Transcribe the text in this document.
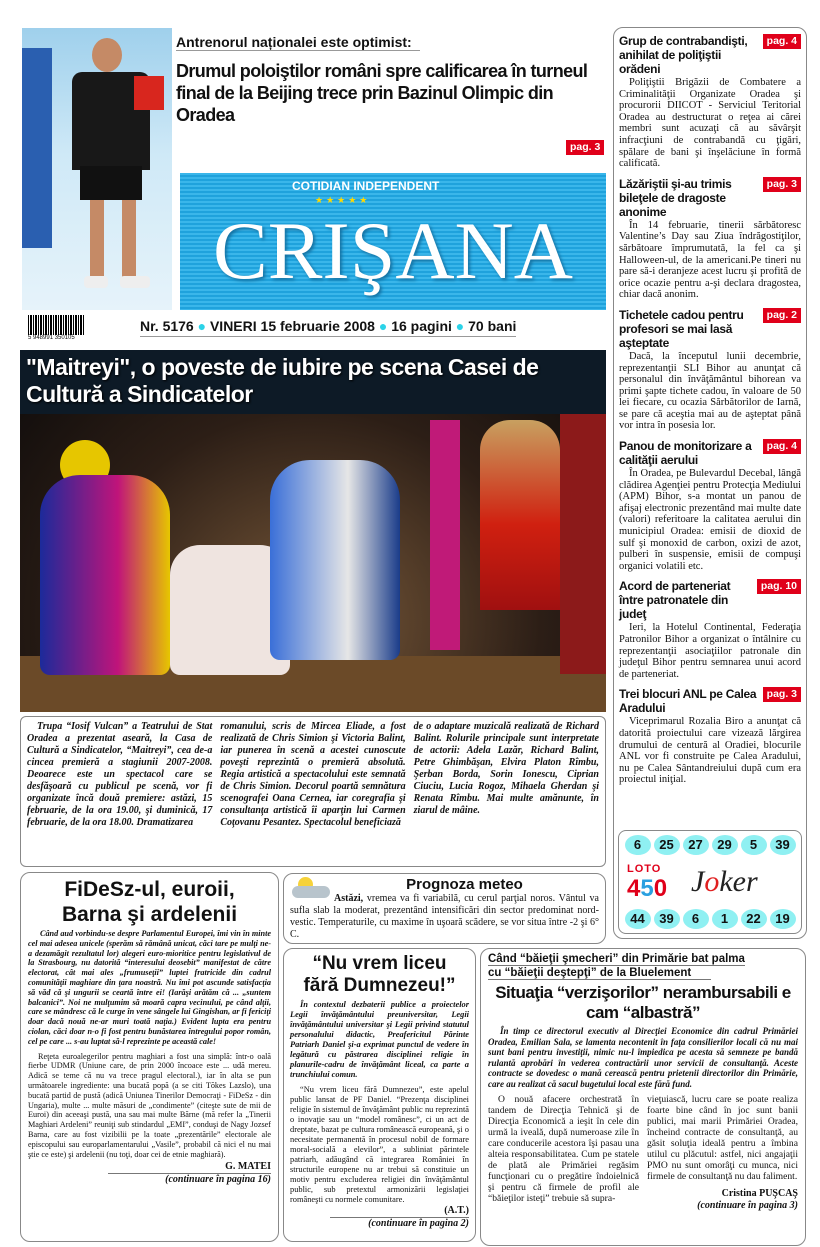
Antrenorul naționalei este optimist:
Drumul poloiştilor români spre calificarea în turneul final de la Beijing trece prin Bazinul Olimpic din Oradea
pag. 3
COTIDIAN INDEPENDENT
★★★★★
CRIŞANA
5 948991 350105
Nr. 5176 ● VINERI 15 februarie 2008 ● 16 pagini ● 70 bani
"Maitreyi", o poveste de iubire pe scena Casei de Cultură a Sindicatelor

Trupa “Iosif Vulcan” a Teatrului de Stat Oradea a prezentat aseară, la Casa de Cultură a Sindicatelor, “Maitreyi”, cea de-a cincea premieră a stagiunii 2007-2008. Deoarece este un spectacol care se desfăşoară cu publicul pe scenă, vor fi organizate încă două premiere: astăzi, 15 februarie, de la ora 19.00, şi duminică, 17 februarie, de la ora 18.00. Dramatizarea

romanului, scris de Mircea Eliade, a fost realizată de Chris Simion şi Victoria Balint, iar punerea în scenă a acestei cunoscute poveşti reprezintă o premieră absolută. Regia artistică a spectacolului este semnată de Chris Simion. Decorul poartă semnătura scenografei Oana Cernea, iar coregrafia şi consultanţa artistică îi aparţin lui Carmen Coţovanu Pesantez. Spectacolul beneficiază

de o adaptare muzicală realizată de Richard Balint. Rolurile principale sunt interpretate de actorii: Adela Lazăr, Richard Balint, Petre Ghimbăşan, Elvira Platon Rîmbu, Şerban Borda, Sorin Ionescu, Ciprian Ciuciu, Lucia Rogoz, Mihaela Gherdan şi Renata Rîmbu. Mai multe amănunte, în ziarul de mâine.

pag. 4
Grup de contrabandişti, anihilat de poliţiştii orădeni

Poliţiştii Brigăzii de Combatere a Criminalităţii Organizate Oradea şi procurorii DIICOT - Serviciul Teritorial Oradea au destructurat o reţea ai cărei membri sunt acuzaţi că au săvârşit infracţiuni de contrabandă cu ţigări, spălare de bani şi înşelăciune în formă calificată.

pag. 3
Lăzăriştii şi-au trimis bileţele de dragoste anonime

În 14 februarie, tinerii sărbătoresc Valentine’s Day sau Ziua îndrăgostiţilor, sărbătoare împrumutată, la fel ca şi Halloween-ul, de la americani.Pe tineri nu pare să-i deranjeze acest lucru şi profită de orice ocazie pentru a-şi declara dragostea, chiar dacă anonim.

pag. 2
Tichetele cadou pentru profesori se mai lasă aşteptate

Dacă, la începutul lunii decembrie, reprezentanţii SLI Bihor au anunţat că personalul din învăţământul bihorean va primi şapte tichete cadou, în valoare de 50 lei fiecare, cu ocazia Sărbătorilor de Iarnă, se pare că aceştia mai au de aşteptat până vor intra în posesia lor.

pag. 4
Panou de monitorizare a calităţii aerului

În Oradea, pe Bulevardul Decebal, lângă clădirea Agenţiei pentru Protecţia Mediului (APM) Bihor, s-a montat un panou de afişaj electronic prezentând mai multe date (valori) referitoare la calitatea aerului din municipiul Oradea: emisii de dioxid de sulf şi monoxid de carbon, oxizi de azot, pulberi în suspensie, emisii de compuşi organici volatili etc.

pag. 10
Acord de parteneriat între patronatele din judeţ

Ieri, la Hotelul Continental, Federaţia Patronilor Bihor a organizat o întâlnire cu reprezentanţii asociaţiilor patronale din judeţul Bihor pentru semnarea unui acord de parteneriat.

pag. 3
Trei blocuri ANL pe Calea Aradului

Viceprimarul Rozalia Biro a anunţat că datorită proiectului care vizează lărgirea drumului de centură al Oradiei, blocurile ANL vor fi construite pe Calea Aradului, nu pe Calea Sântandreiului după cum era proiectul iniţial.

6 25 27 29 5 39
LOTO
450 Joker
44 39 6 1 22 19
FiDeSz-ul, euroii,
Barna şi ardelenii

Când aud vorbindu-se despre Parlamentul Europei, îmi vin în minte cel mai adesea unicele (sperăm să rămână unicat, căci tare pe mulţi ne-a dezamăgit rezultatul lor) alegeri euro-mioritice pentru legislativul de la Strasbourg, nu datorită “interesului deosebit” manifestat de către electorat, cât mai ales „frumuseţii” luptei fratricide din cadrul comunităţii maghiare din ţara noastră. Nu îmi pot ascunde satisfacţia să văd că şi ungurii se ceartă între ei! (Iarăşi arătăm că ... „suntem balcanici”. Noi ne mulţumim să moară capra vecinului, pe când alţii, care se mândresc că le curge în vene sângele lui Gingishan, ar fi fericiţi doar dacă nouă ne-ar muri toată naţia.) Evident lupta era pentru ciolan, căci doar n-o fi fost pentru bunăstarea întregului popor român, cel pe care ... s-au luptat să-l reprezinte pe această cale!

Reţeta euroalegerilor pentru maghiari a fost una simplă: într-o oală fierbe UDMR (Uniune care, de prin 2000 încoace este ... udă mereu. Adică se teme că nu va trece pragul electoral.), iar în alta se pun următoarele ingrediente: una bucată popă (a se citi Tõkes Lazslo), una bucată partid de pustă (adică Uniunea Tinerilor Democraţi - FiDeSz - din Ungaria), multe ... multe măsuri de „condimente” (citeşte sute de mii de Euroi) din aceeaşi pustă, una sau mai multe Bărne (mă refer la „Tinerii Maghiari Ardeleni” reuniţi sub stindardul „EMI”, conduşi de Nagy Jozsef Barna, care au fost vizibilii pe la toate „prezentările” electorale ale episcopului sau europarlamentarului „Vasile”, probabil că nici el nu mai ştie ce este) şi ardelenii (nu toţi, doar cei de etnie maghiară).

G. MATEI
(continuare în pagina 16)
Prognoza meteo

Astăzi, vremea va fi variabilă, cu cerul parţial noros. Vântul va sufla slab la moderat, prezentând intensificări din sector predominat nord-vestic. Temperaturile, cu maxime în uşoară scădere, se vor situa între -2 şi 6° C.

“Nu vrem liceu
fără Dumnezeu!”

În contextul dezbaterii publice a proiectelor Legii învăţământului preuniversitar, Legii învăţământului universitar şi Legii privind statutul personalului didactic, Preafericitul Părinte Patriarh Daniel şi-a exprimat punctul de vedere în legătură cu păstrarea disciplinei religie în planurile-cadru de învăţământ liceal, ca parte a trunchiului comun.

“Nu vrem liceu fără Dumnezeu”, este apelul public lansat de PF Daniel. “Prezenţa disciplinei religie în sistemul de învăţământ public nu reprezintă o inovaţie sau un “model românesc”, ci un act de dreptate, bazat pe cultura românească europeană, şi o necesitate permanentă în procesul nobil de formare moral-socială a elevilor”, a subliniat părintele patriarh, adăugând că integrarea României în structurile europene nu ar trebui să constituie un motiv pentru excluderea religiei din învăţământul public, sub pretextul armonizării legislaţiei româneşti cu normele comunitare.

(A.T.)
(continuare în pagina 2)
Când “băieţii şmecheri” din Primărie bat palma
cu “băieţii deştepţi” de la Bluelement
Situaţia “verzişorilor” nerambursabili e cam “albastră”

În timp ce directorul executiv al Direcţiei Economice din cadrul Primăriei Oradea, Emilian Sala, se lamenta necontenit în faţa consilierilor locali că nu mai sunt bani pentru investiţii, nimic nu-l împiedica pe acesta să semneze pe bandă rulantă aprobări în vederea contractării unor servicii de consultanţă. Aceste contracte se dovedesc o mană cerească pentru prietenii directorilor din Primărie, care au realizat că sacul bugetului local este fără fund.

O nouă afacere orchestrată în tandem de Direcţia Tehnică şi de Direcţia Economică a ieşit în cele din urmă la iveală, după numeroase zile în care conducerile acestora îşi pasau una alteia responsabilitatea. Cum pe statele de plată ale Primăriei regăsim funcţionari cu o pregătire îndoielnică şi pentru că firmele de profil ale “băieţilor isteţi” trebuie să supra-

vieţuiască, lucru care se poate realiza foarte bine când în joc sunt banii publici, mai marii Primăriei Oradea, încheind contracte de consultanţă, au găsit soluţia ideală pentru a îmbina utilul cu plăcutul: astfel, nici angajaţii PMO nu sunt omorâţi cu munca, nici firmele de consultanţă nu dau faliment.

Cristina PUŞCAŞ
(continuare în pagina 3)
